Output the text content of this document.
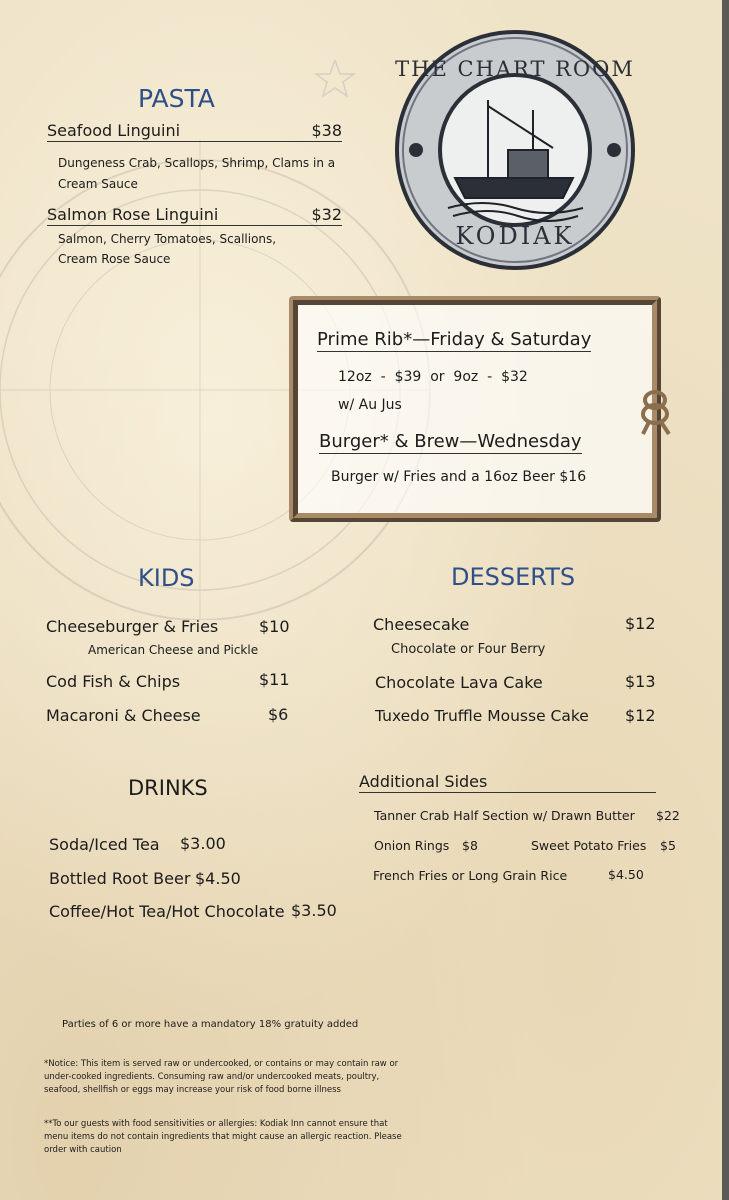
THE CHART ROOM
KODIAK
PASTA
Seafood Linguini	$38
Dungeness Crab, Scallops, Shrimp, Clams in a
Cream Sauce
Salmon Rose Linguini	$32
Salmon, Cherry Tomatoes, Scallions,
Cream Rose Sauce
Prime Rib*—Friday & Saturday
12oz  -  $39  or  9oz  -  $32
w/ Au Jus
Burger* & Brew—Wednesday
Burger w/ Fries and a 16oz Beer $16
KIDS
Cheeseburger & Fries	$10
American Cheese and Pickle
Cod Fish & Chips	$11
Macaroni & Cheese	$6
DESSERTS
Cheesecake	$12
Chocolate or Four Berry
Chocolate Lava Cake	$13
Tuxedo Truffle Mousse Cake $12
DRINKS
Soda/Iced Tea $3.00
Bottled Root Beer $4.50
Coffee/Hot Tea/Hot Chocolate $3.50
Additional Sides
Tanner Crab Half Section w/ Drawn Butter $22
Onion Rings $8	Sweet Potato Fries $5
French Fries or Long Grain Rice	$4.50
Parties of 6 or more have a mandatory 18% gratuity added
*Notice: This item is served raw or undercooked, or contains or may contain raw or under-cooked ingredients. Consuming raw and/or undercooked meats, poultry, seafood, shellfish or eggs may increase your risk of food borne illness
**To our guests with food sensitivities or allergies: Kodiak Inn cannot ensure that menu items do not contain ingredients that might cause an allergic reaction. Please order with caution
